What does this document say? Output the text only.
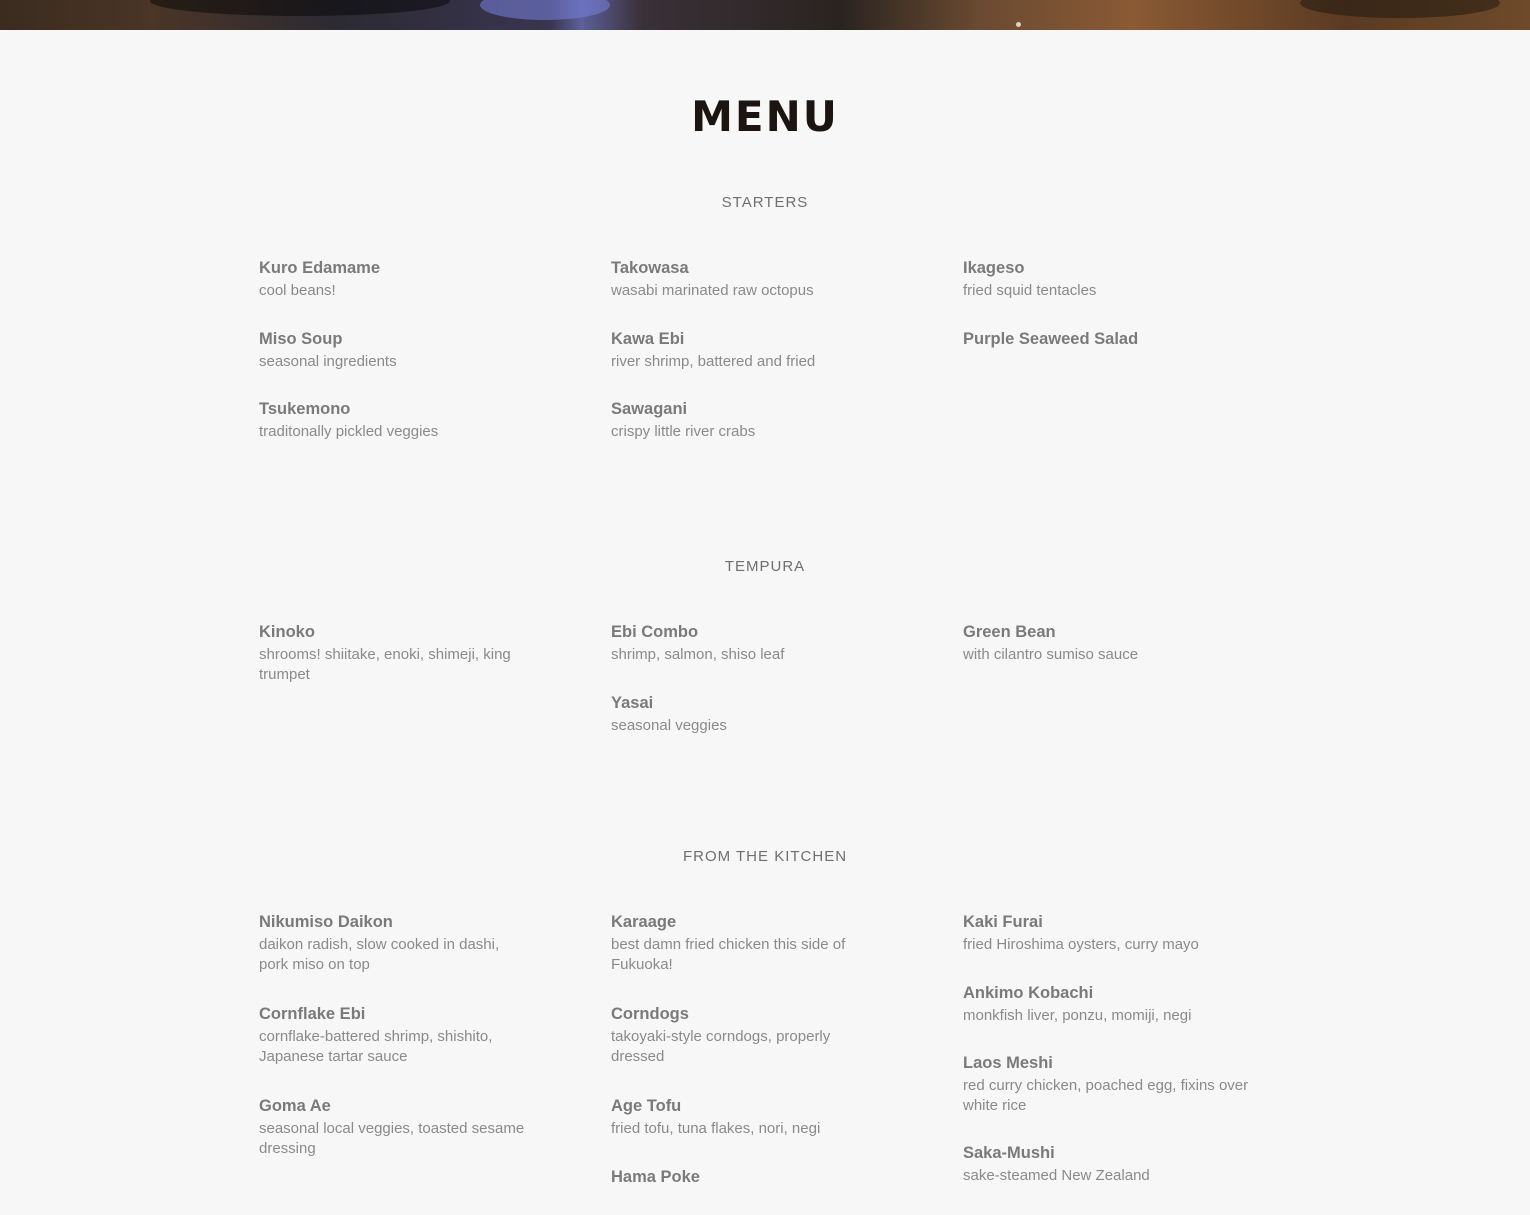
MENU
STARTERS
Kuro Edamame
cool beans!
Miso Soup
seasonal ingredients
Tsukemono
traditonally pickled veggies
Takowasa
wasabi marinated raw octopus
Kawa Ebi
river shrimp, battered and fried
Sawagani
crispy little river crabs
Ikageso
fried squid tentacles
Purple Seaweed Salad
TEMPURA
Kinoko
shrooms! shiitake, enoki, shimeji, king trumpet
Ebi Combo
shrimp, salmon, shiso leaf
Yasai
seasonal veggies
Green Bean
with cilantro sumiso sauce
FROM THE KITCHEN
Nikumiso Daikon
daikon radish, slow cooked in dashi, pork miso on top
Cornflake Ebi
cornflake-battered shrimp, shishito, Japanese tartar sauce
Goma Ae
seasonal local veggies, toasted sesame dressing
Karaage
best damn fried chicken this side of Fukuoka!
Corndogs
takoyaki-style corndogs, properly dressed
Age Tofu
fried tofu, tuna flakes, nori, negi
Hama Poke
Kaki Furai
fried Hiroshima oysters, curry mayo
Ankimo Kobachi
monkfish liver, ponzu, momiji, negi
Laos Meshi
red curry chicken, poached egg, fixins over white rice
Saka-Mushi
sake-steamed New Zealand
